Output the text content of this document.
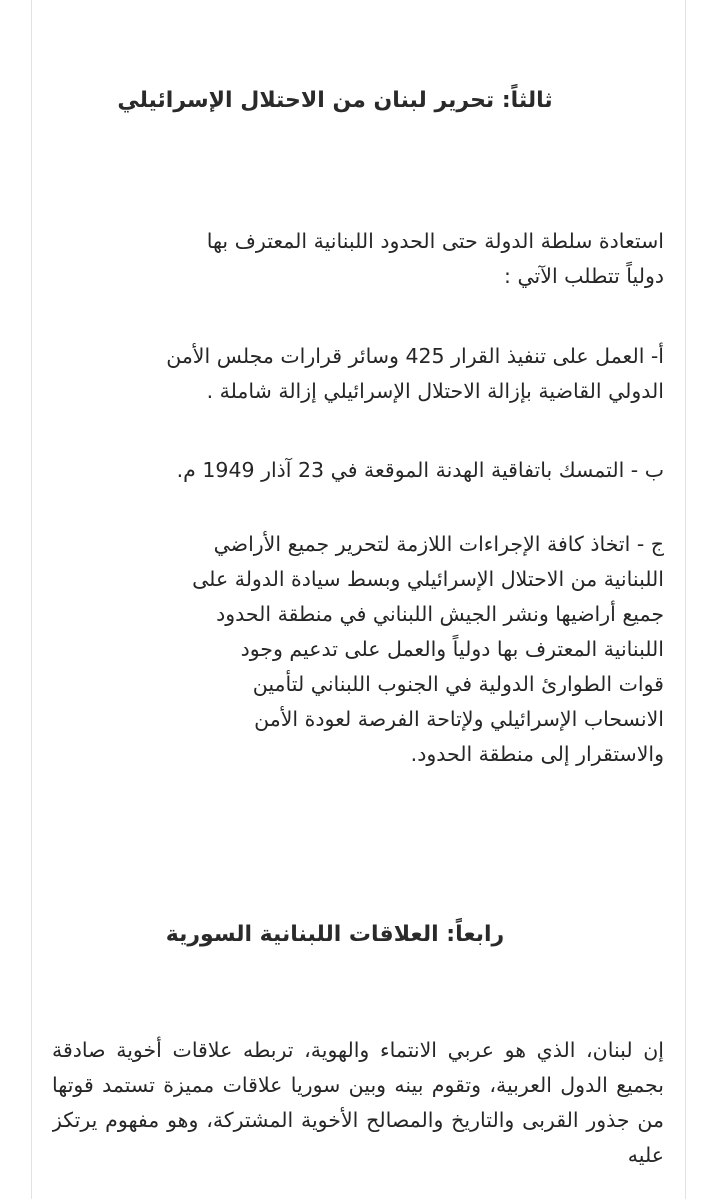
ثالثاً: تحرير لبنان من الاحتلال الإسرائيلي
استعادة سلطة الدولة حتى الحدود اللبنانية المعترف بها
دولياً تتطلب الآتي :
أ- العمل على تنفيذ القرار 425 وسائر قرارات مجلس الأمن
الدولي القاضية بإزالة الاحتلال الإسرائيلي إزالة شاملة .
ب - التمسك باتفاقية الهدنة الموقعة في 23 آذار 1949 م.
ج - اتخاذ كافة الإجراءات اللازمة لتحرير جميع الأراضي
اللبنانية من الاحتلال الإسرائيلي وبسط سيادة الدولة على
جميع أراضيها ونشر الجيش اللبناني في منطقة الحدود
اللبنانية المعترف بها دولياً والعمل على تدعيم وجود
قوات الطوارئ الدولية في الجنوب اللبناني لتأمين
الانسحاب الإسرائيلي ولإتاحة الفرصة لعودة الأمن
والاستقرار إلى منطقة الحدود.
رابعاً: العلاقات اللبنانية السورية
إن لبنان، الذي هو عربي الانتماء والهوية، تربطه علاقات أخوية صادقة بجميع الدول العربية، وتقوم بينه وبين سوريا علاقات مميزة تستمد قوتها من جذور القربى والتاريخ والمصالح الأخوية المشتركة، وهو مفهوم يرتكز عليه
